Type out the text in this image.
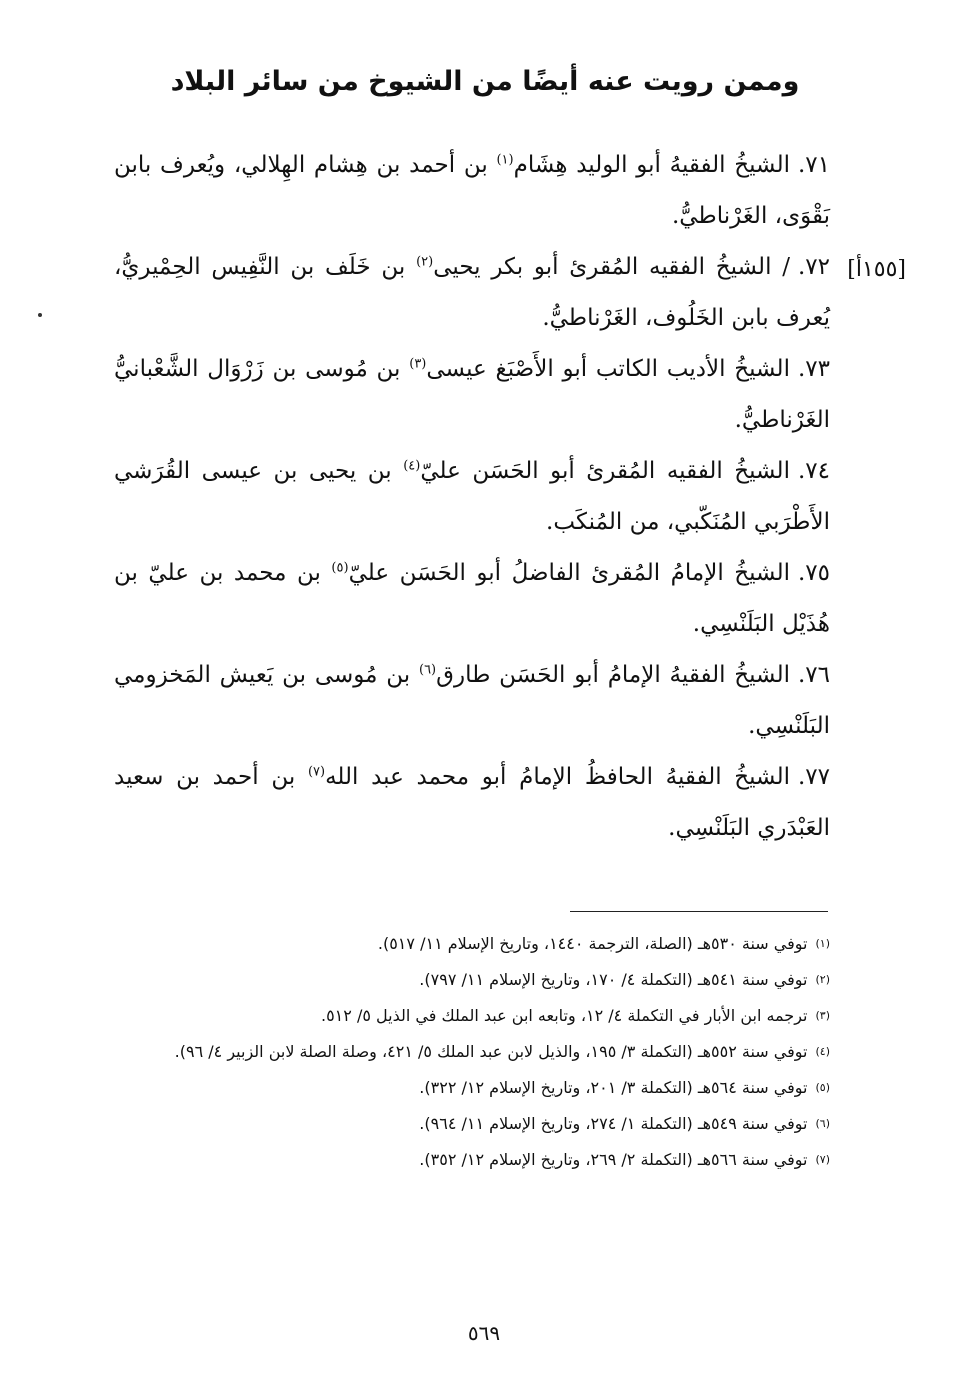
وممن رويت عنه أيضًا من الشيوخ من سائر البلاد
[١٥٥أ]

٧١.الشيخُ الفقيهُ أبو الوليد هِشَام$^{(١)}$ بن أحمد بن هِشام الهِلالي، ويُعرف بابن بَقْوَى، الغَرْناطيُّ.

٧٢./ الشيخُ الفقيه المُقرئ أبو بكر يحيى$^{(٢)}$ بن خَلَف بن النَّفِيس الحِمْيريُّ، يُعرف بابن الخَلُوف، الغَرْناطيُّ.

٧٣.الشيخُ الأديب الكاتب أبو الأَصْبَغ عيسى$^{(٣)}$ بن مُوسى بن زَرْوَال الشَّعْبانيُّ الغَرْناطيُّ.

٧٤.الشيخُ الفقيه المُقرئ أبو الحَسَن عليّ$^{(٤)}$ بن يحيى بن عيسى القُرَشي الأَطْرَبي المُنَكّبي، من المُنكَب.

٧٥.الشيخُ الإمامُ المُقرئ الفاضلُ أبو الحَسَن عليّ$^{(٥)}$ بن محمد بن عليّ بن هُذَيْل البَلَنْسِي.

٧٦.الشيخُ الفقيهُ الإمامُ أبو الحَسَن طارق$^{(٦)}$ بن مُوسى بن يَعيش المَخزومي البَلَنْسِي.

٧٧.الشيخُ الفقيهُ الحافظُ الإمامُ أبو محمد عبد الله$^{(٧)}$ بن أحمد بن سعيد العَبْدَري البَلَنْسِي.

(١)توفي سنة ٥٣٠هـ (الصلة، الترجمة ١٤٤٠، وتاريخ الإسلام ١١/ ٥١٧).

(٢)توفي سنة ٥٤١هـ (التكملة ٤/ ١٧٠، وتاريخ الإسلام ١١/ ٧٩٧).

(٣)ترجمه ابن الأبار في التكملة ٤/ ١٢، وتابعه ابن عبد الملك في الذيل ٥/ ٥١٢.

(٤)توفي سنة ٥٥٢هـ (التكملة ٣/ ١٩٥، والذيل لابن عبد الملك ٥/ ٤٢١، وصلة الصلة لابن الزبير ٤/ ٩٦).

(٥)توفي سنة ٥٦٤هـ (التكملة ٣/ ٢٠١، وتاريخ الإسلام ١٢/ ٣٢٢).

(٦)توفي سنة ٥٤٩هـ (التكملة ١/ ٢٧٤، وتاريخ الإسلام ١١/ ٩٦٤).

(٧)توفي سنة ٥٦٦هـ (التكملة ٢/ ٢٦٩، وتاريخ الإسلام ١٢/ ٣٥٢).

٥٦٩
